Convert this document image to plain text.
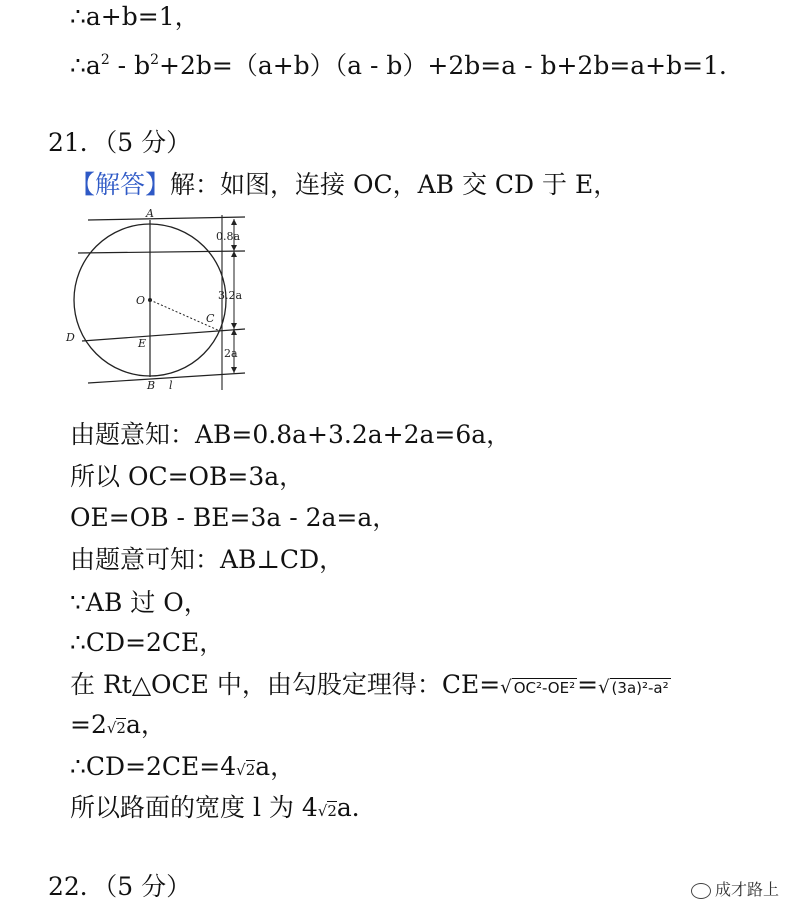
∴a+b=1，
$\therefore a^2 - b^2+2b=(a+b)(a - b)+2b=a - b+2b=a+b=1$．
21．（5 分）
【解答】解：如图，连接 OC，AB 交 CD 于 E，
A
O
C
D	E
B l
0.8a
3.2a
2a
由题意知：AB=0.8a+3.2a+2a=6a，
所以 OC=OB=3a，
OE=OB - BE=3a - 2a=a，
由题意可知：AB⊥CD，
∵AB 过 O，
∴CD=2CE，
在 Rt△OCE 中，由勾股定理得：CE=√ OC²-OE²=√ (3a)²-a²
=2√2a，
∴CD=2CE=4√2a，
所以路面的宽度 l 为 4√2a．
22．（5 分）	成才路上
